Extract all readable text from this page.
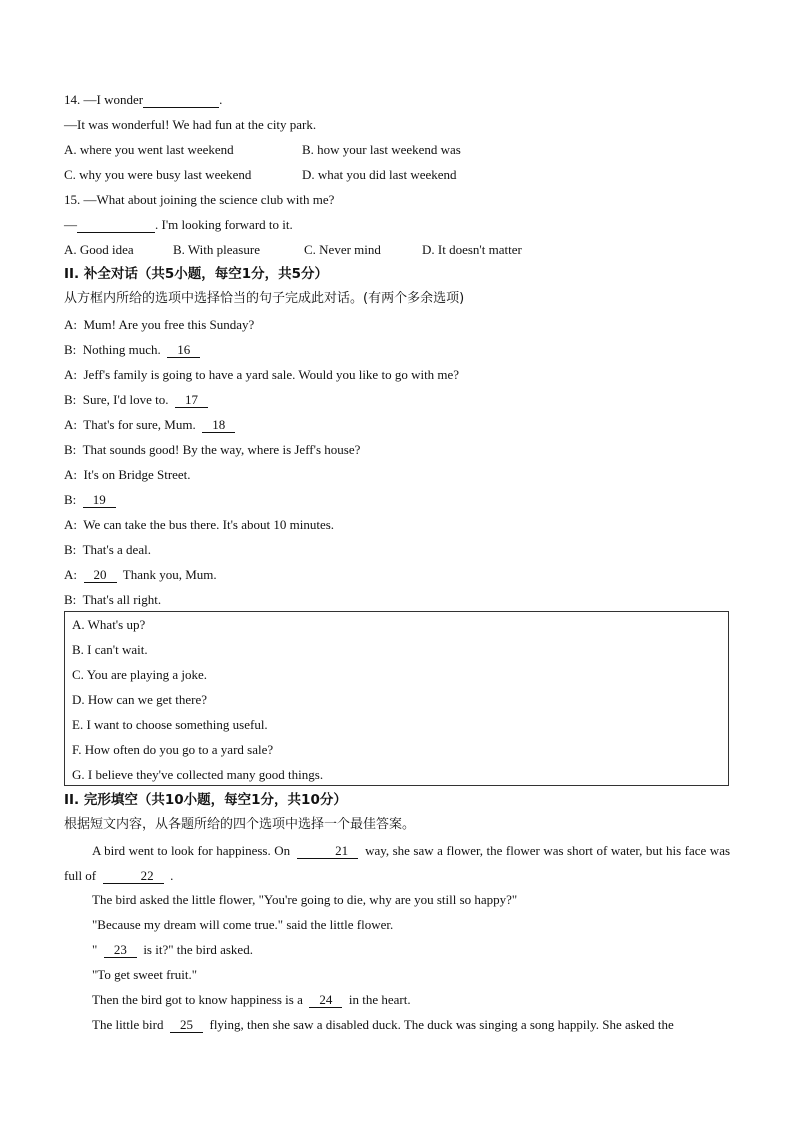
14. —I wonder	.
—It was wonderful! We had fun at the city park.
A. where you went last weekend	B. how your last weekend was
C. why you were busy last weekend	D. what you did last weekend
15. —What about joining the science club with me?
—	. I'm looking forward to it.
A. Good idea	B. With pleasure	C. Never mind	D. It doesn't matter
II. 补全对话（共5小题，每空1分，共5分）
从方框内所给的选项中选择恰当的句子完成此对话。(有两个多余选项)
A: Mum! Are you free this Sunday?
B: Nothing much. 16
A: Jeff's family is going to have a yard sale. Would you like to go with me?
B: Sure, I'd love to. 17
A: That's for sure, Mum. 18
B: That sounds good! By the way, where is Jeff's house?
A: It's on Bridge Street.
B: 19
A: We can take the bus there. It's about 10 minutes.
B: That's a deal.
A: 20 Thank you, Mum.
B: That's all right.
A. What's up?
B. I can't wait.
C. You are playing a joke.
D. How can we get there?
E. I want to choose something useful.
F. How often do you go to a yard sale?
G. I believe they've collected many good things.
II. 完形填空（共10小题，每空1分，共10分）
根据短文内容，从各题所给的四个选项中选择一个最佳答案。
A bird went to look for happiness. On	21 way, she saw a flower, the flower was short of water, but his face was full of	22 .
The bird asked the little flower, "You're going to die, why are you still so happy?"
"Because my dream will come true." said the little flower.
" 23 is it?" the bird asked.
"To get sweet fruit."
Then the bird got to know happiness is a 24 in the heart.
The little bird 25 flying, then she saw a disabled duck. The duck was singing a song happily. She asked the
